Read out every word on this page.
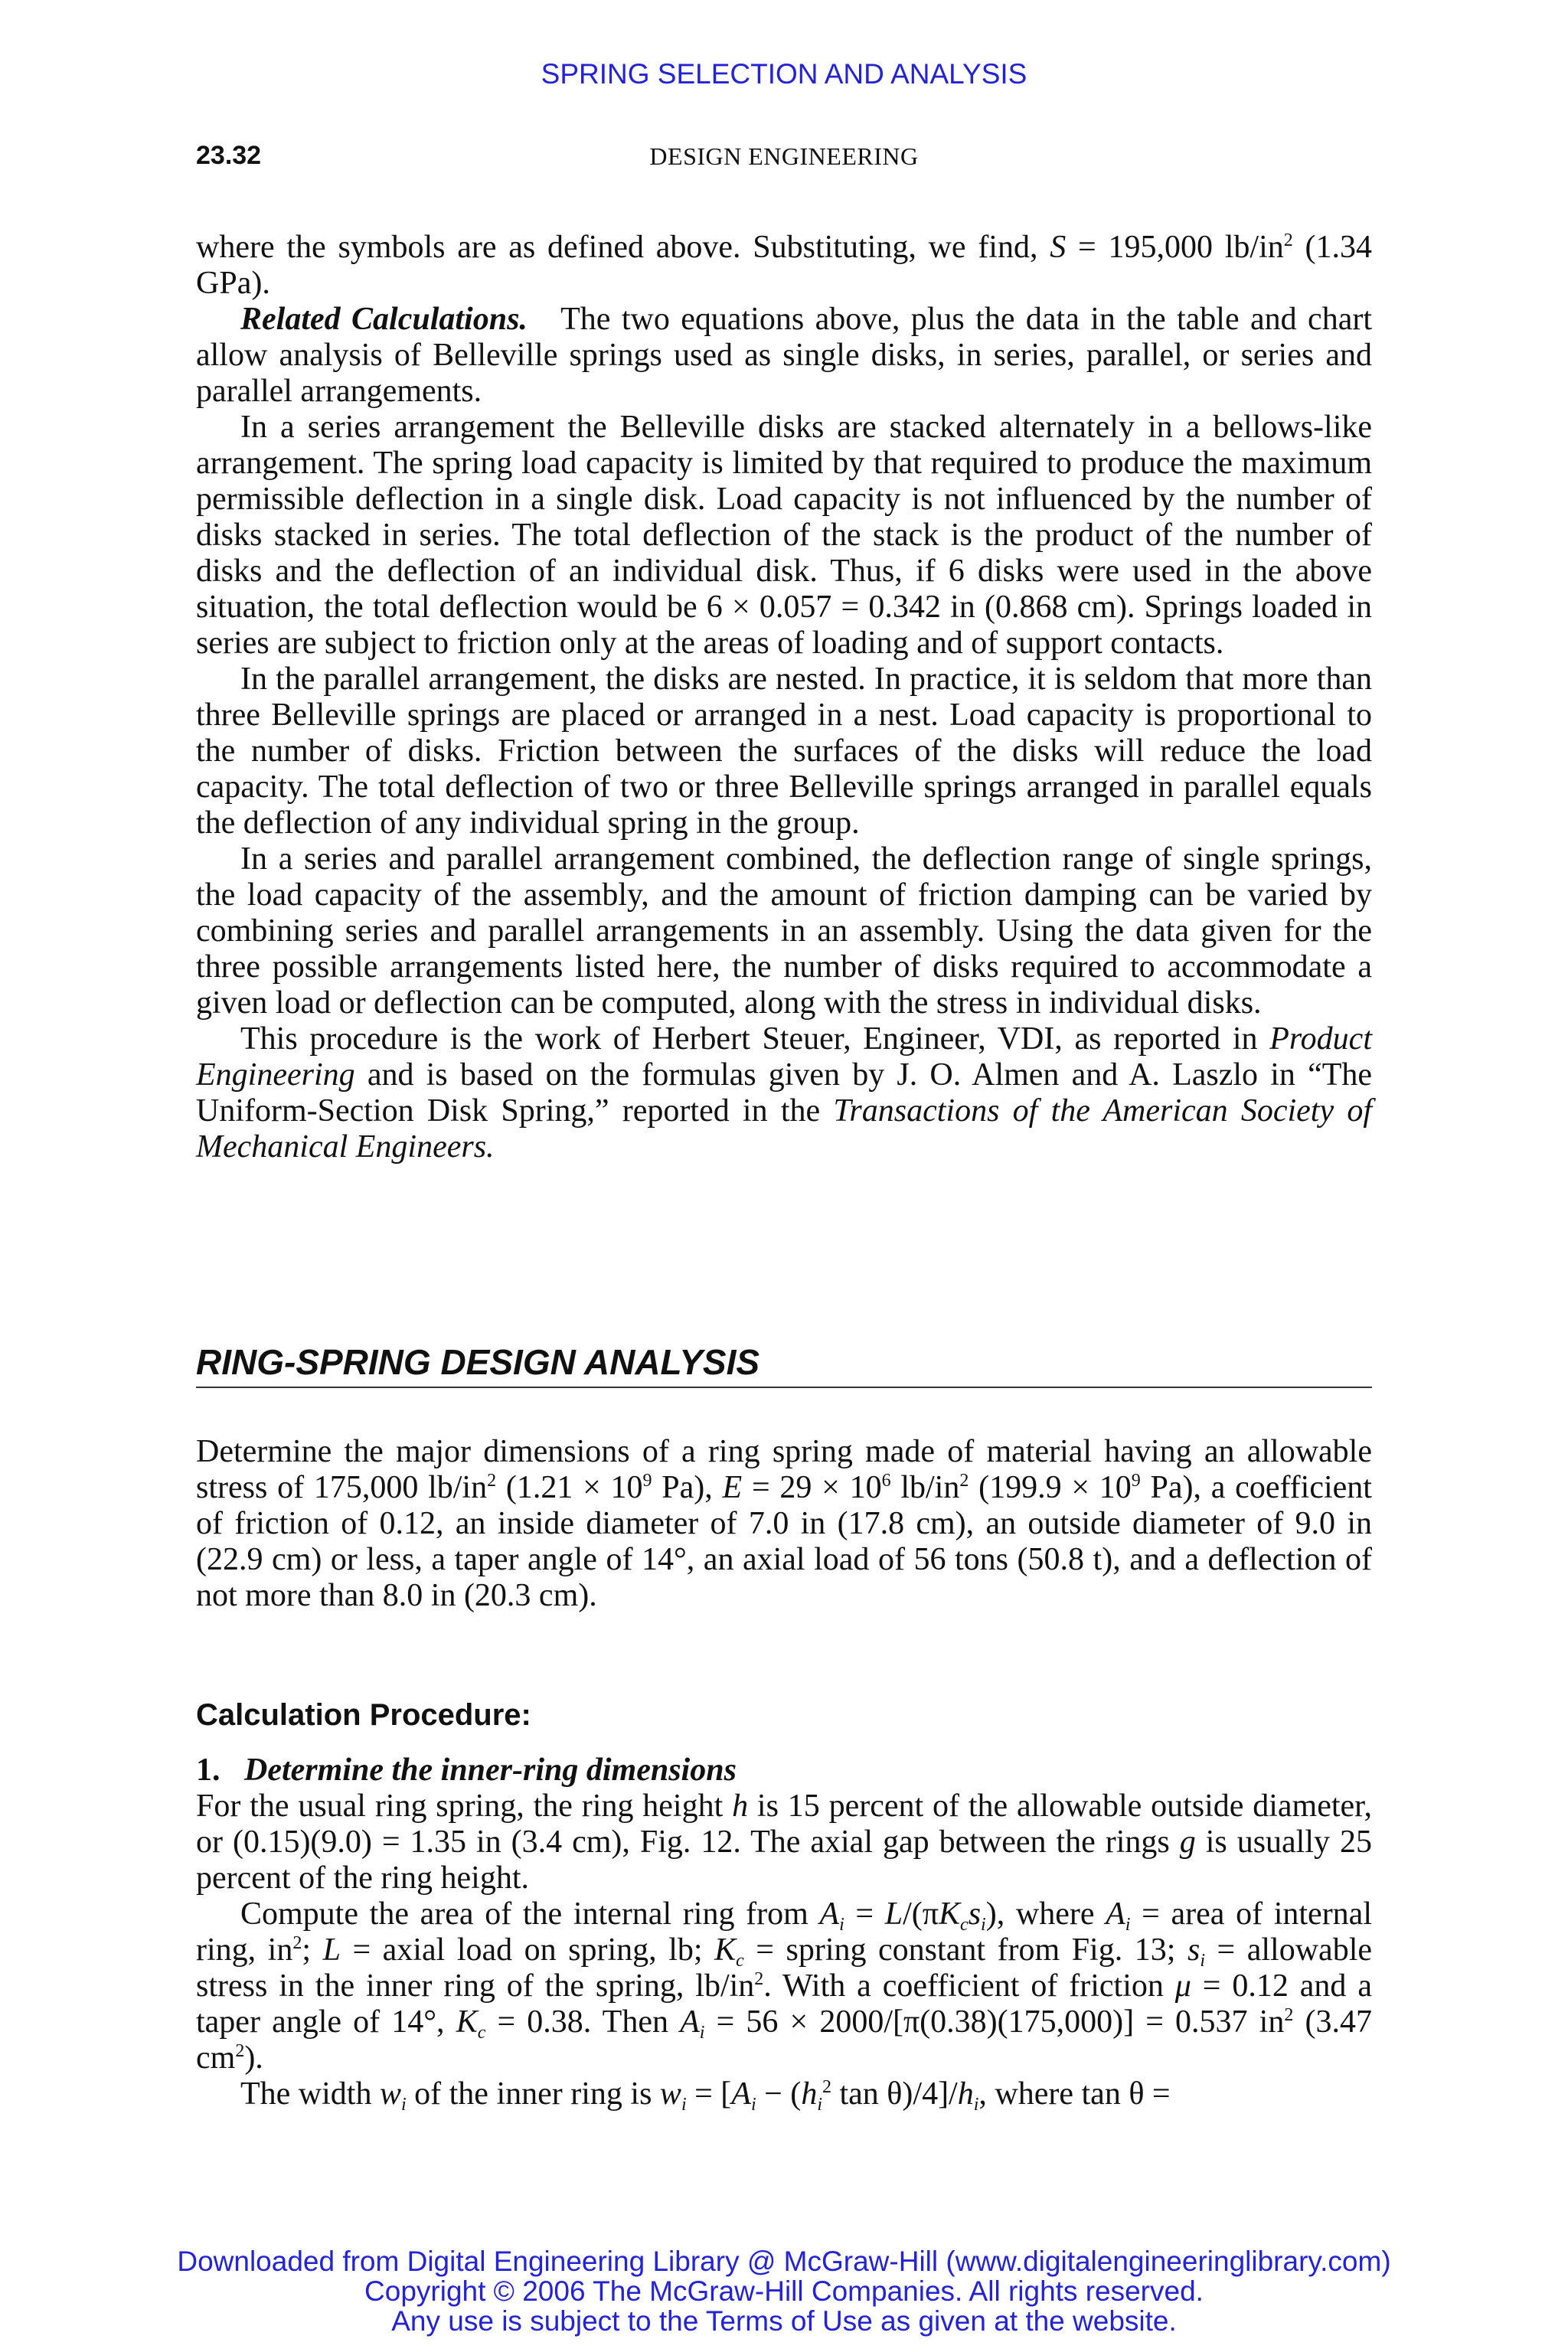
SPRING SELECTION AND ANALYSIS
23.32	DESIGN ENGINEERING

where the symbols are as defined above. Substituting, we find, S = 195,000 $lb/in^2$ (1.34 GPa).

Related Calculations.   The two equations above, plus the data in the table and chart allow analysis of Belleville springs used as single disks, in series, parallel, or series and parallel arrangements.

In a series arrangement the Belleville disks are stacked alternately in a bellows-like arrangement. The spring load capacity is limited by that required to produce the maximum permissible deflection in a single disk. Load capacity is not influenced by the number of disks stacked in series. The total deflection of the stack is the product of the number of disks and the deflection of an individual disk. Thus, if 6 disks were used in the above situation, the total deflection would be 6 × 0.057 = 0.342 in (0.868 cm). Springs loaded in series are subject to friction only at the areas of loading and of support contacts.

In the parallel arrangement, the disks are nested. In practice, it is seldom that more than three Belleville springs are placed or arranged in a nest. Load capacity is proportional to the number of disks. Friction between the surfaces of the disks will reduce the load capacity. The total deflection of two or three Belleville springs arranged in parallel equals the deflection of any individual spring in the group.

In a series and parallel arrangement combined, the deflection range of single springs, the load capacity of the assembly, and the amount of friction damping can be varied by combining series and parallel arrangements in an assembly. Using the data given for the three possible arrangements listed here, the number of disks required to accommodate a given load or deflection can be computed, along with the stress in individual disks.

This procedure is the work of Herbert Steuer, Engineer, VDI, as reported in Product Engineering and is based on the formulas given by J. O. Almen and A. Laszlo in “The Uniform-Section Disk Spring,” reported in the Transactions of the American Society of Mechanical Engineers.

RING-SPRING DESIGN ANALYSIS

Determine the major dimensions of a ring spring made of material having an allowable stress of 175,000 $lb/in^2$ ($1.21 \times 10^9$ Pa), $E = 29 \times 10^6$ $lb/in^2$ ($199.9 \times 10^9$ Pa), a coefficient of friction of 0.12, an inside diameter of 7.0 in (17.8 cm), an outside diameter of 9.0 in (22.9 cm) or less, a taper angle of 14°, an axial load of 56 tons (50.8 t), and a deflection of not more than 8.0 in (20.3 cm).

Calculation Procedure:

1. Determine the inner-ring dimensions

For the usual ring spring, the ring height h is 15 percent of the allowable outside diameter, or (0.15)(9.0) = 1.35 in (3.4 cm), Fig. 12. The axial gap between the rings g is usually 25 percent of the ring height.

Compute the area of the internal ring from $A_i = L/(\pi K_cs_i)$, where $A_i$ = area of internal ring, $in^2$; L = axial load on spring, lb; $K_c$ = spring constant from Fig. 13; $s_i$ = allowable stress in the inner ring of the spring, $lb/in^2$. With a coefficient of friction μ = 0.12 and a taper angle of 14°, $K_c = 0.38$. Then $A_i = 56 \times 2000/[\pi(0.38)(175,000)] = 0.537$ $in^2$ (3.47 $cm^2$).

The width $w_i$ of the inner ring is $w_i = [A_i - (h_i^2$ $\tan \theta)/4]/h_i$, where tan θ =

Downloaded from Digital Engineering Library @ McGraw-Hill (www.digitalengineeringlibrary.com)
Copyright © 2006 The McGraw-Hill Companies. All rights reserved.
Any use is subject to the Terms of Use as given at the website.
